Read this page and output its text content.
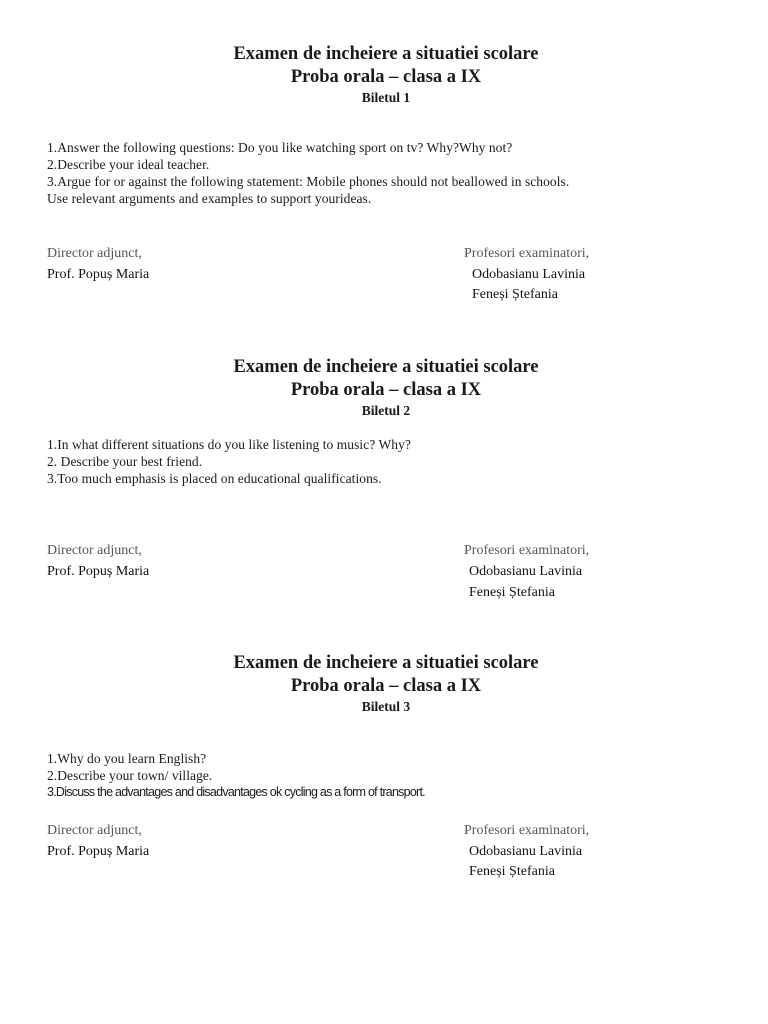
Examen de incheiere a situatiei scolare
Proba orala – clasa a IX
Biletul 1
1.Answer the following questions: Do you like watching sport on tv? Why?Why not?
2.Describe your ideal teacher.
3.Argue for or against the following statement: Mobile phones should not beallowed in schools.
Use relevant arguments and examples to support yourideas.
Director adjunct,
Prof. Popuș Maria
Profesori examinatori,
Odobasianu Lavinia
Feneși Ștefania
Examen de incheiere a situatiei scolare
Proba orala – clasa a IX
Biletul 2
1.In what different situations do you like listening to music? Why?
2. Describe your best friend.
3.Too much emphasis is placed on educational qualifications.
Director adjunct,
Prof. Popuș Maria
Profesori examinatori,
Odobasianu Lavinia
Feneși Ștefania
Examen de incheiere a situatiei scolare
Proba orala – clasa a IX
Biletul 3
1.Why do you learn English?
2.Describe your town/ village.
3.Discuss the advantages and disadvantages ok cycling as a form of transport.
Director adjunct,
Prof. Popuș Maria
Profesori examinatori,
Odobasianu Lavinia
Feneși Ștefania
